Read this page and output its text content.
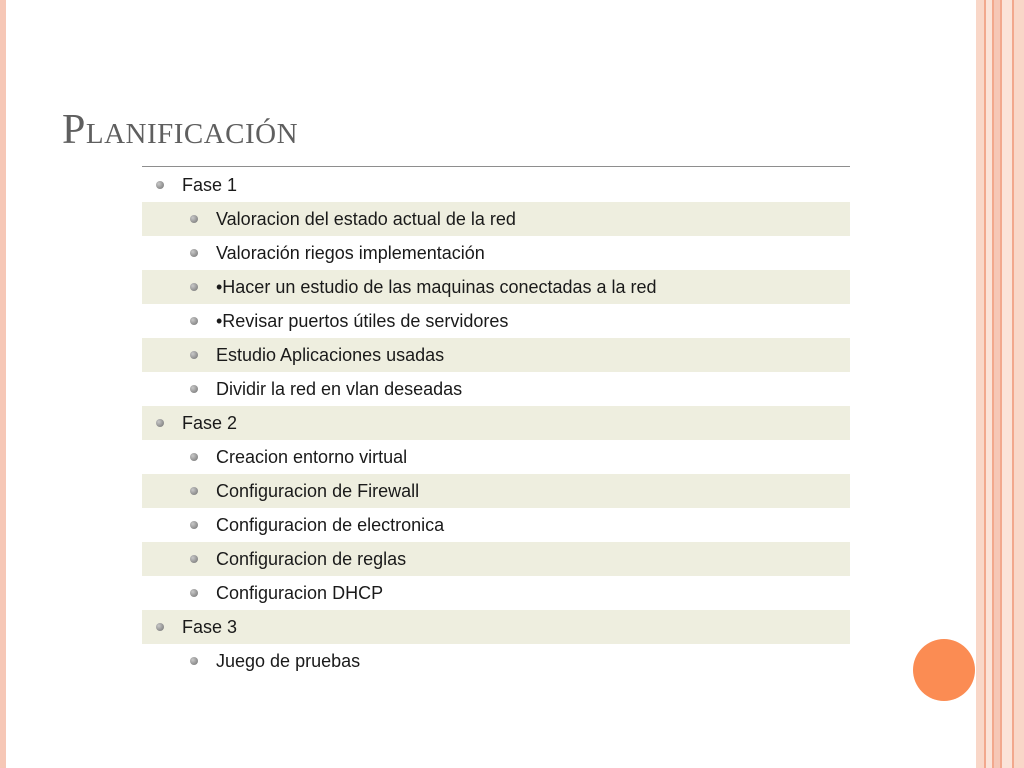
Planificación
Fase 1
Valoracion del estado actual de la red
Valoración riegos implementación
•Hacer un estudio de las maquinas conectadas a la red
•Revisar puertos útiles de servidores
Estudio Aplicaciones usadas
Dividir la red en vlan deseadas
Fase 2
Creacion entorno virtual
Configuracion de Firewall
Configuracion de electronica
Configuracion de reglas
Configuracion DHCP
Fase 3
Juego de pruebas
